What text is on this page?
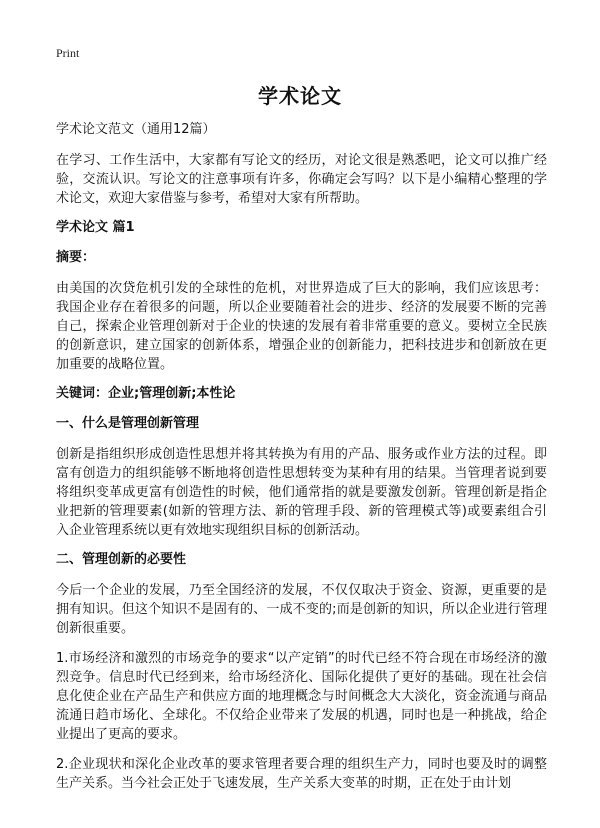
Print
学术论文

学术论文范文（通用12篇）

在学习、工作生活中，大家都有写论文的经历，对论文很是熟悉吧，论文可以推广经验，交流认识。写论文的注意事项有许多，你确定会写吗？以下是小编精心整理的学术论文，欢迎大家借鉴与参考，希望对大家有所帮助。

学术论文 篇1

摘要：

由美国的次贷危机引发的全球性的危机，对世界造成了巨大的影响，我们应该思考：我国企业存在着很多的问题，所以企业要随着社会的进步、经济的发展要不断的完善自己，探索企业管理创新对于企业的快速的发展有着非常重要的意义。要树立全民族的创新意识，建立国家的创新体系，增强企业的创新能力，把科技进步和创新放在更加重要的战略位置。

关键词：企业;管理创新;本性论

一、什么是管理创新管理

创新是指组织形成创造性思想并将其转换为有用的产品、服务或作业方法的过程。即富有创造力的组织能够不断地将创造性思想转变为某种有用的结果。当管理者说到要将组织变革成更富有创造性的时候，他们通常指的就是要激发创新。管理创新是指企业把新的管理要素(如新的管理方法、新的管理手段、新的管理模式等)或要素组合引入企业管理系统以更有效地实现组织目标的创新活动。

二、管理创新的必要性

今后一个企业的发展，乃至全国经济的发展，不仅仅取决于资金、资源，更重要的是拥有知识。但这个知识不是固有的、一成不变的;而是创新的知识，所以企业进行管理创新很重要。

1.市场经济和激烈的市场竞争的要求“以产定销”的时代已经不符合现在市场经济的激烈竞争。信息时代已经到来，给市场经济化、国际化提供了更好的基础。现在社会信息化使企业在产品生产和供应方面的地理概念与时间概念大大淡化，资金流通与商品流通日趋市场化、全球化。不仅给企业带来了发展的机遇，同时也是一种挑战，给企业提出了更高的要求。

2.企业现状和深化企业改革的要求管理者要合理的组织生产力，同时也要及时的调整生产关系。当今社会正处于飞速发展，生产关系大变革的时期，正在处于由计划
